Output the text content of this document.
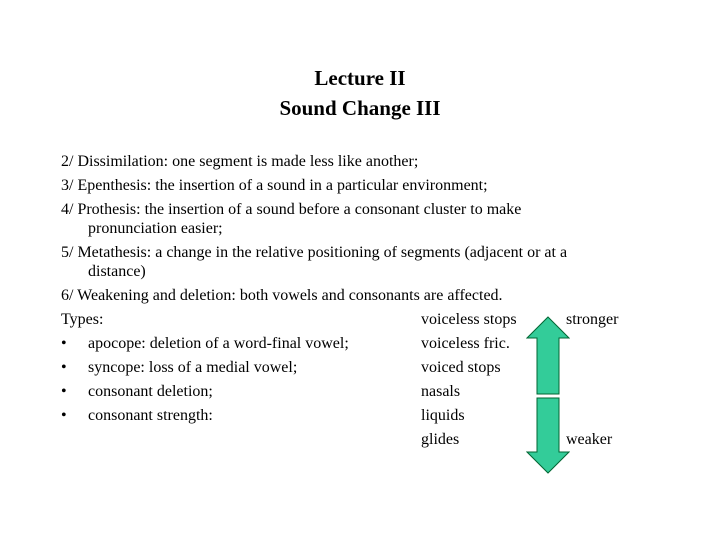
Lecture II
Sound Change III
2/ Dissimilation: one segment is made less like another;
3/ Epenthesis: the insertion of a sound in a particular environment;
4/ Prothesis: the insertion of a sound before a consonant cluster to make
pronunciation easier;
5/ Metathesis: a change in the relative positioning of segments (adjacent or at a
distance)
6/ Weakening and deletion: both vowels and consonants are affected.
Types:
• apocope: deletion of a word-final vowel;
• syncope: loss of a medial vowel;
• consonant deletion;
• consonant strength:
voiceless stops
voiceless fric.
voiced stops
nasals
liquids
glides
stronger
weaker
